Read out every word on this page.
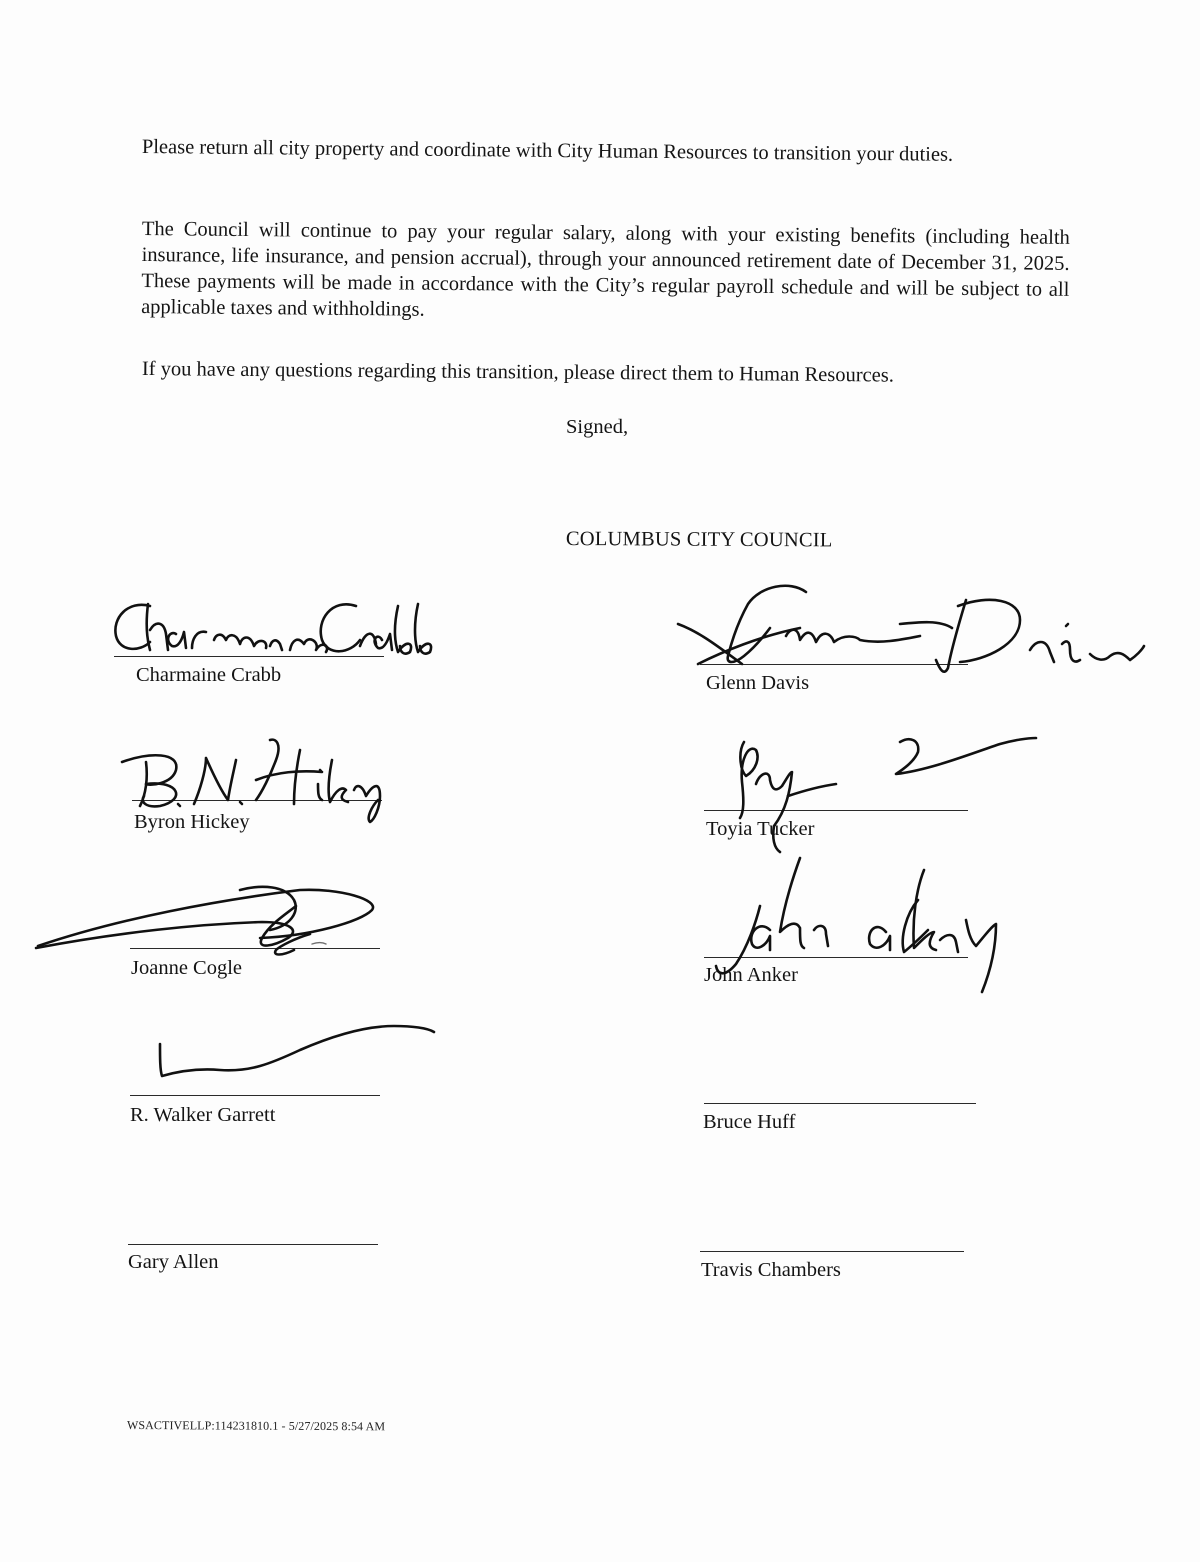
Please return all city property and coordinate with City Human Resources to transition your duties.

The Council will continue to pay your regular salary, along with your existing benefits (including health insurance, life insurance, and pension accrual), through your announced retirement date of December 31, 2025. These payments will be made in accordance with the City’s regular payroll schedule and will be subject to all applicable taxes and withholdings.

If you have any questions regarding this transition, please direct them to Human Resources.

Signed,
COLUMBUS CITY COUNCIL
Charmaine Crabb
Byron Hickey
Joanne Cogle
R. Walker Garrett
Gary Allen
Glenn Davis
Toyia Tucker
John Anker
Bruce Huff
Travis Chambers
WSACTIVELLP:114231810.1 - 5/27/2025 8:54 AM
